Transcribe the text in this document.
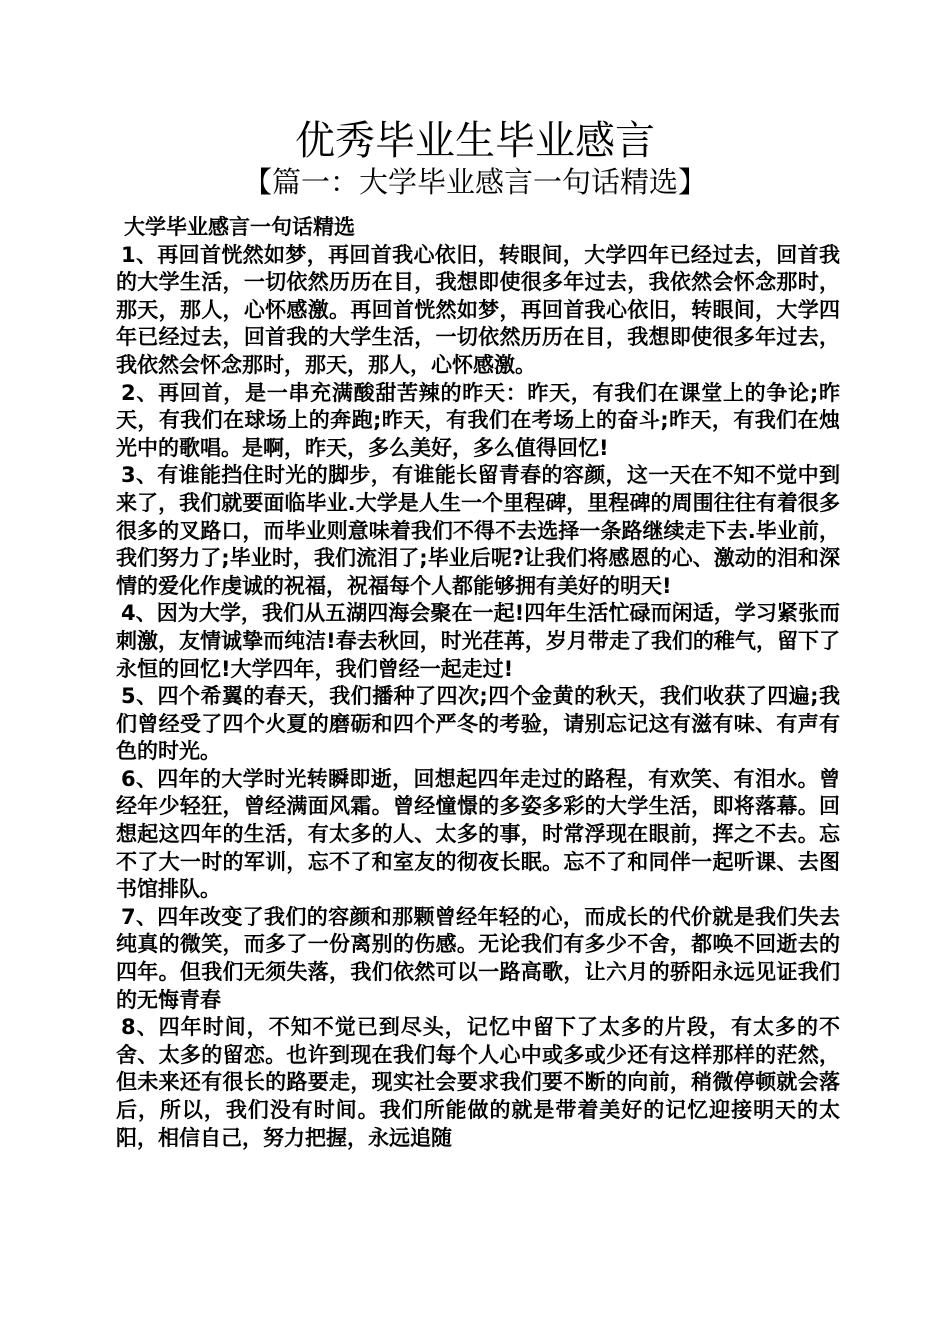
优秀毕业生毕业感言
【篇一：大学毕业感言一句话精选】
大学毕业感言一句话精选

1、再回首恍然如梦，再回首我心依旧，转眼间，大学四年已经过去，回首我的大学生活，一切依然历历在目，我想即使很多年过去，我依然会怀念那时，那天，那人，心怀感激。再回首恍然如梦，再回首我心依旧，转眼间，大学四年已经过去，回首我的大学生活，一切依然历历在目，我想即使很多年过去，我依然会怀念那时，那天，那人，心怀感激。

2、再回首，是一串充满酸甜苦辣的昨天：昨天，有我们在课堂上的争论;昨天，有我们在球场上的奔跑;昨天，有我们在考场上的奋斗;昨天，有我们在烛光中的歌唱。是啊，昨天，多么美好，多么值得回忆!

3、有谁能挡住时光的脚步，有谁能长留青春的容颜，这一天在不知不觉中到来了，我们就要面临毕业.大学是人生一个里程碑，里程碑的周围往往有着很多很多的叉路口，而毕业则意味着我们不得不去选择一条路继续走下去.毕业前，我们努力了;毕业时，我们流泪了;毕业后呢?让我们将感恩的心、激动的泪和深情的爱化作虔诚的祝福，祝福每个人都能够拥有美好的明天!

4、因为大学，我们从五湖四海会聚在一起!四年生活忙碌而闲适，学习紧张而刺激，友情诚挚而纯洁!春去秋回，时光荏苒，岁月带走了我们的稚气，留下了永恒的回忆!大学四年，我们曾经一起走过!

5、四个希翼的春天，我们播种了四次;四个金黄的秋天，我们收获了四遍;我们曾经受了四个火夏的磨砺和四个严冬的考验，请别忘记这有滋有味、有声有色的时光。

6、四年的大学时光转瞬即逝，回想起四年走过的路程，有欢笑、有泪水。曾经年少轻狂，曾经满面风霜。曾经憧憬的多姿多彩的大学生活，即将落幕。回想起这四年的生活，有太多的人、太多的事，时常浮现在眼前，挥之不去。忘不了大一时的军训，忘不了和室友的彻夜长眠。忘不了和同伴一起听课、去图书馆排队。

7、四年改变了我们的容颜和那颗曾经年轻的心，而成长的代价就是我们失去纯真的微笑，而多了一份离别的伤感。无论我们有多少不舍，都唤不回逝去的四年。但我们无须失落，我们依然可以一路高歌，让六月的骄阳永远见证我们的无悔青春

8、四年时间，不知不觉已到尽头，记忆中留下了太多的片段，有太多的不舍、太多的留恋。也许到现在我们每个人心中或多或少还有这样那样的茫然，但未来还有很长的路要走，现实社会要求我们要不断的向前，稍微停顿就会落后，所以，我们没有时间。我们所能做的就是带着美好的记忆迎接明天的太阳，相信自己，努力把握，永远追随
